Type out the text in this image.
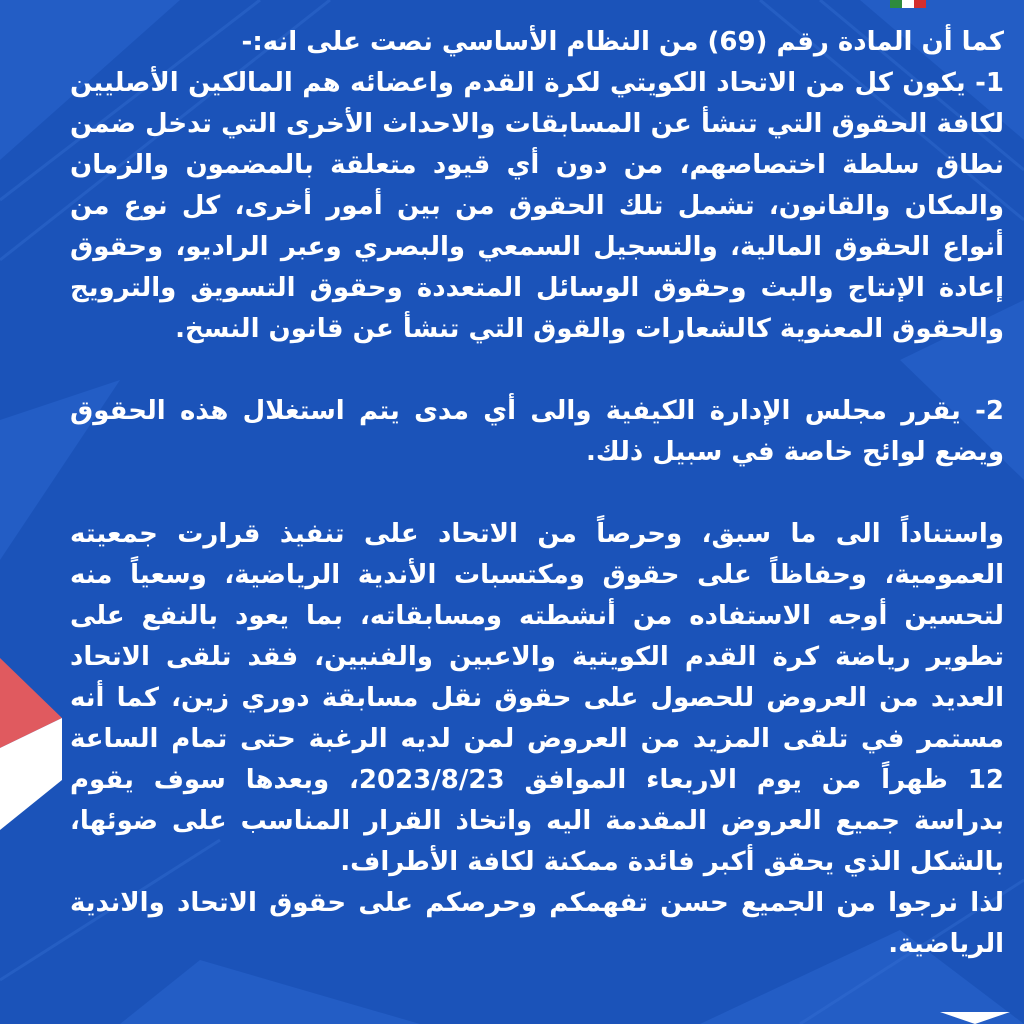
كما أن المادة رقم (69) من النظام الأساسي نصت على انه:-

1- يكون كل من الاتحاد الكويتي لكرة القدم واعضائه هم المالكين الأصليين لكافة الحقوق التي تنشأ عن المسابقات والاحداث الأخرى التي تدخل ضمن نطاق سلطة اختصاصهم، من دون أي قيود متعلقة بالمضمون والزمان والمكان والقانون، تشمل تلك الحقوق من بين أمور أخرى، كل نوع من أنواع الحقوق المالية، والتسجيل السمعي والبصري وعبر الراديو، وحقوق إعادة الإنتاج والبث وحقوق الوسائل المتعددة وحقوق التسويق والترويج والحقوق المعنوية كالشعارات والقوق التي تنشأ عن قانون النسخ.

2- يقرر مجلس الإدارة الكيفية والى أي مدى يتم استغلال هذه الحقوق ويضع لوائح خاصة في سبيل ذلك.

واستناداً الى ما سبق، وحرصاً من الاتحاد على تنفيذ قرارت جمعيته العمومية، وحفاظاً على حقوق ومكتسبات الأندية الرياضية، وسعياً منه لتحسين أوجه الاستفاده من أنشطته ومسابقاته، بما يعود بالنفع على تطوير رياضة كرة القدم الكويتية والاعبين والفنيين، فقد تلقى الاتحاد العديد من العروض للحصول على حقوق نقل مسابقة دوري زين، كما أنه مستمر في تلقى المزيد من العروض لمن لديه الرغبة حتى تمام الساعة 12 ظهراً من يوم الاربعاء الموافق 2023/8/23، وبعدها سوف يقوم بدراسة جميع العروض المقدمة اليه واتخاذ القرار المناسب على ضوئها، بالشكل الذي يحقق أكبر فائدة ممكنة لكافة الأطراف.

لذا نرجوا من الجميع حسن تفهمكم وحرصكم على حقوق الاتحاد والاندية الرياضية.
